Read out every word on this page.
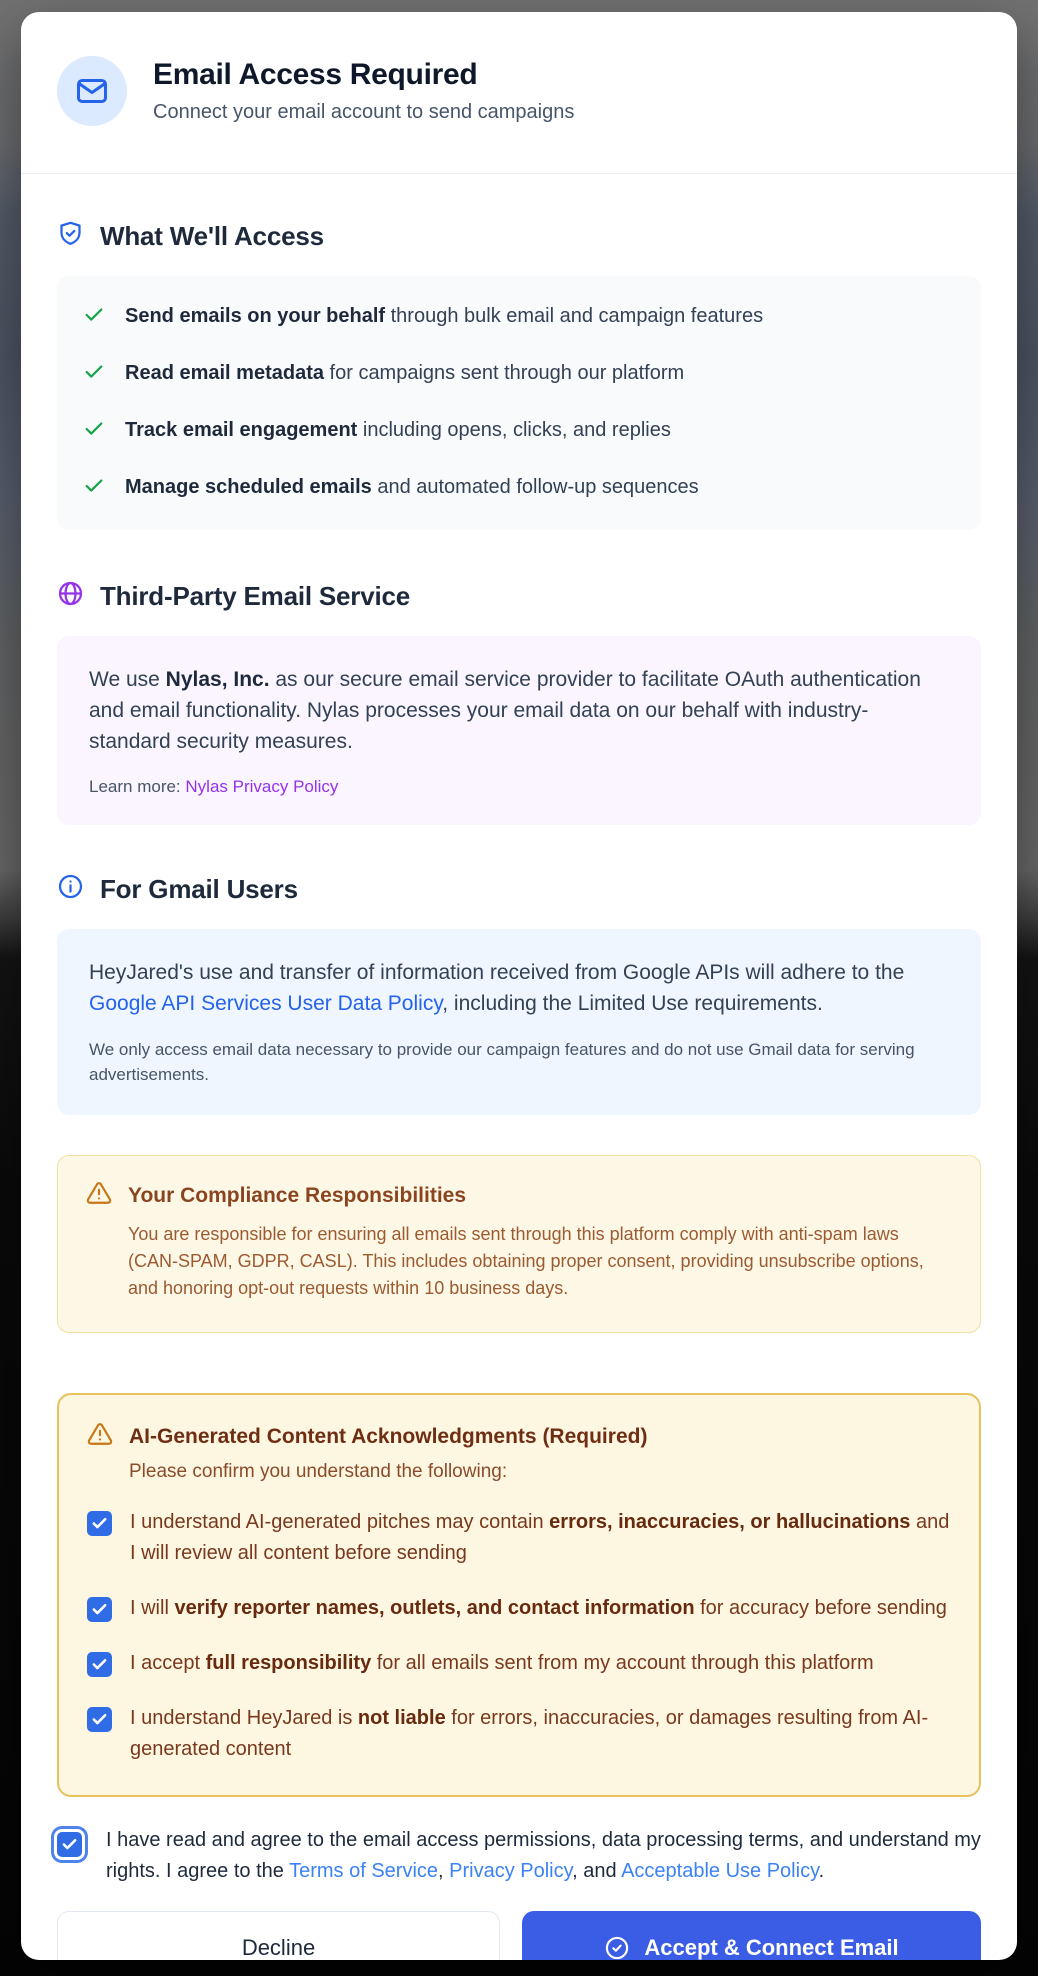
Email Access Required
Connect your email account to send campaigns
What We'll Access
Send emails on your behalf through bulk email and campaign features
Read email metadata for campaigns sent through our platform
Track email engagement including opens, clicks, and replies
Manage scheduled emails and automated follow-up sequences
Third-Party Email Service
We use Nylas, Inc. as our secure email service provider to facilitate OAuth authentication and email functionality. Nylas processes your email data on our behalf with industry-standard security measures.
Learn more: Nylas Privacy Policy
For Gmail Users
HeyJared's use and transfer of information received from Google APIs will adhere to the Google API Services User Data Policy, including the Limited Use requirements.
We only access email data necessary to provide our campaign features and do not use Gmail data for serving advertisements.
Your Compliance Responsibilities
You are responsible for ensuring all emails sent through this platform comply with anti-spam laws (CAN-SPAM, GDPR, CASL). This includes obtaining proper consent, providing unsubscribe options, and honoring opt-out requests within 10 business days.
AI-Generated Content Acknowledgments (Required)
Please confirm you understand the following:
I understand AI-generated pitches may contain errors, inaccuracies, or hallucinations and I will review all content before sending
I will verify reporter names, outlets, and contact information for accuracy before sending
I accept full responsibility for all emails sent from my account through this platform
I understand HeyJared is not liable for errors, inaccuracies, or damages resulting from AI-generated content
I have read and agree to the email access permissions, data processing terms, and understand my rights. I agree to the Terms of Service, Privacy Policy, and Acceptable Use Policy.
Decline	Accept & Connect Email
